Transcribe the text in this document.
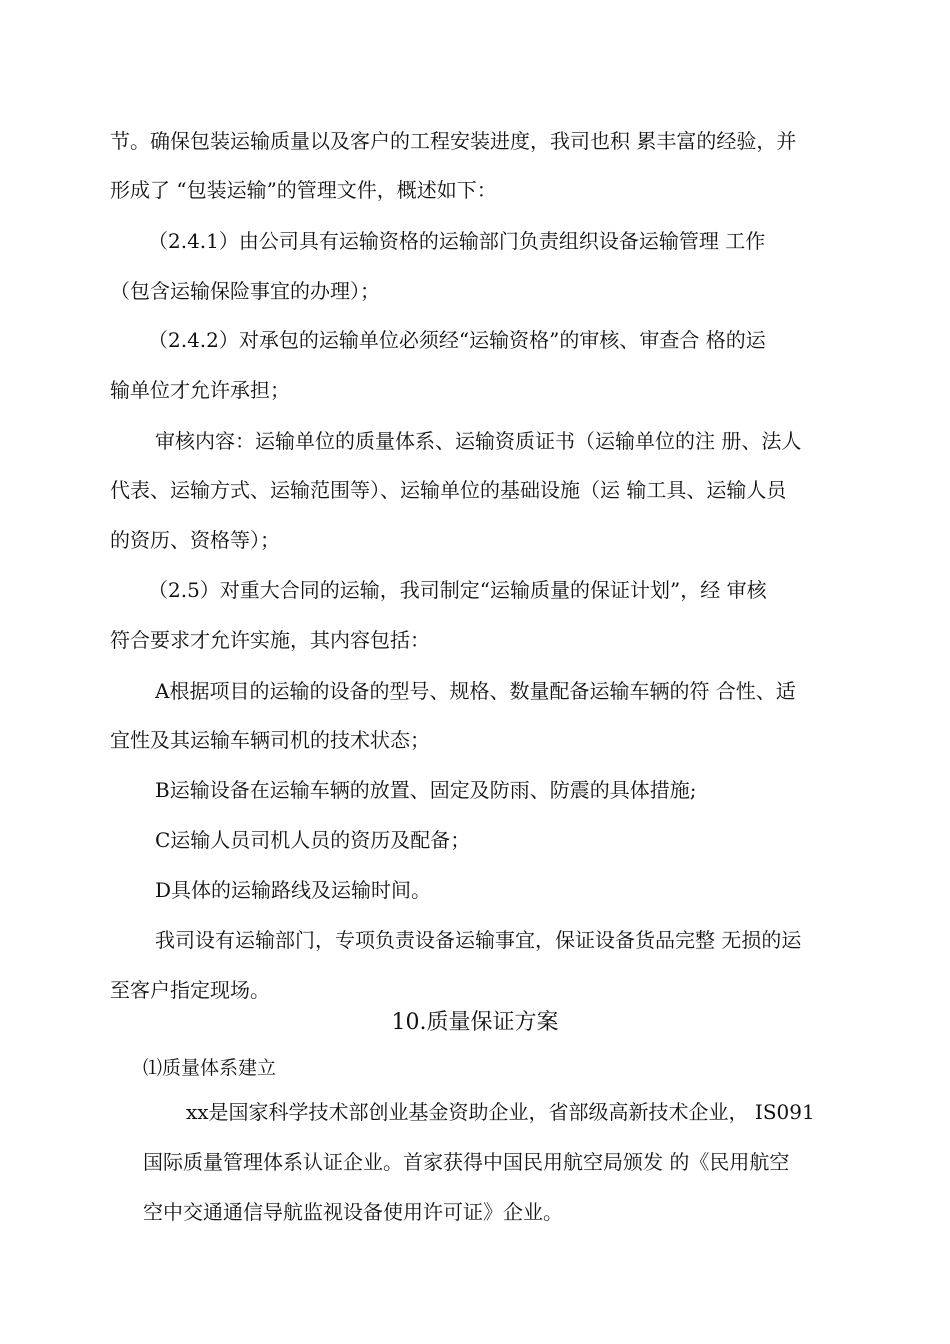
节。确保包装运输质量以及客户的工程安装进度，我司也积 累丰富的经验，并

形成了 “包装运输”的管理文件，概述如下：

（2.4.1）由公司具有运输资格的运输部门负责组织设备运输管理 工作

（包含运输保险事宜的办理）；

（2.4.2）对承包的运输单位必须经“运输资格”的审核、审查合 格的运

输单位才允许承担；

审核内容：运输单位的质量体系、运输资质证书（运输单位的注 册、法人

代表、运输方式、运输范围等）、运输单位的基础设施（运 输工具、运输人员

的资历、资格等）；

（2.5）对重大合同的运输，我司制定“运输质量的保证计划”，经 审核

符合要求才允许实施，其内容包括：

A根据项目的运输的设备的型号、规格、数量配备运输车辆的符 合性、适

宜性及其运输车辆司机的技术状态；

B运输设备在运输车辆的放置、固定及防雨、防震的具体措施;

C运输人员司机人员的资历及配备；

D具体的运输路线及运输时间。

我司设有运输部门，专项负责设备运输事宜，保证设备货品完整 无损的运

至客户指定现场。

10.质量保证方案

⑴质量体系建立

xx是国家科学技术部创业基金资助企业，省部级高新技术企业， IS091

国际质量管理体系认证企业。首家获得中国民用航空局颁发 的《民用航空

空中交通通信导航监视设备使用许可证》企业。
